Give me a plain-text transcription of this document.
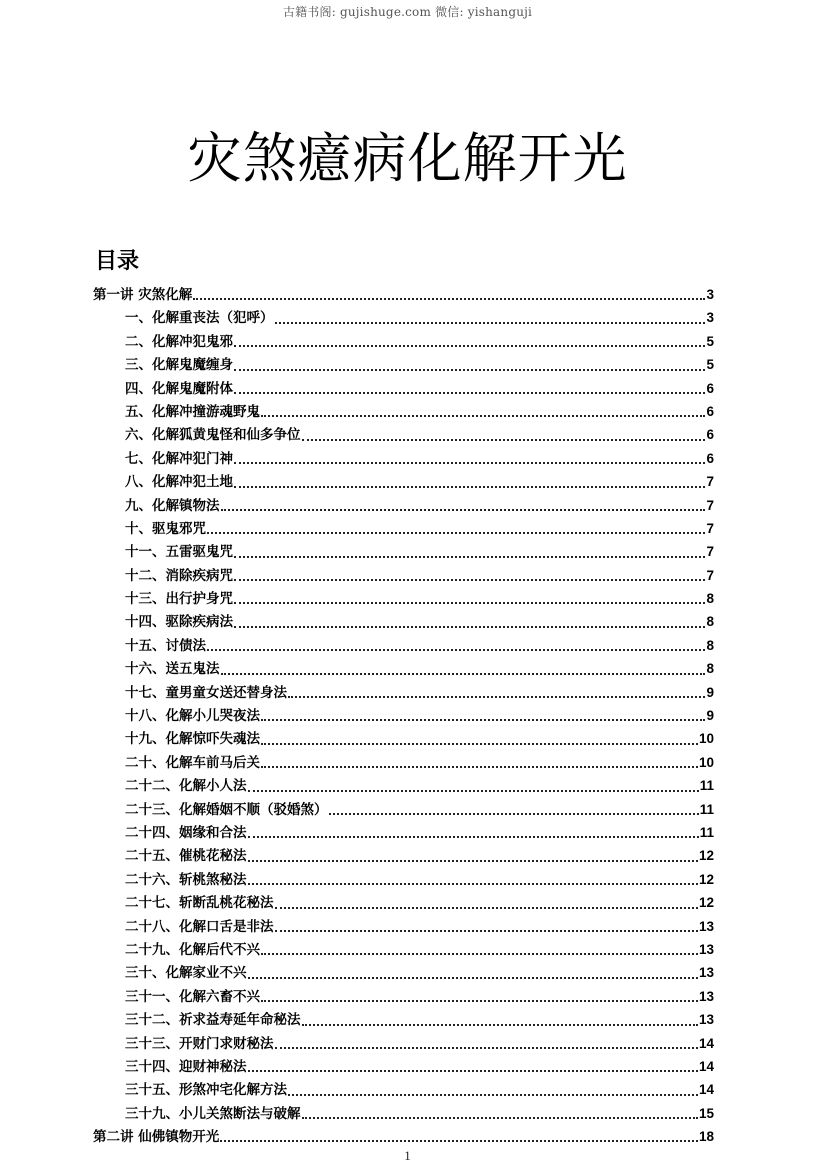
古籍书阁: gujishuge.com 微信: yishanguji
灾煞癔病化解开光
目录
第一讲 灾煞化解	3
一、化解重丧法（犯呼）	3
二、化解冲犯鬼邪	5
三、化解鬼魔缠身	5
四、化解鬼魔附体	6
五、化解冲撞游魂野鬼	6
六、化解狐黄鬼怪和仙多争位	6
七、化解冲犯门神	6
八、化解冲犯土地	7
九、化解镇物法	7
十、驱鬼邪咒	7
十一、五雷驱鬼咒	7
十二、消除疾病咒	7
十三、出行护身咒	8
十四、驱除疾病法	8
十五、讨债法	8
十六、送五鬼法	8
十七、童男童女送还替身法	9
十八、化解小儿哭夜法	9
十九、化解惊吓失魂法	10
二十、化解车前马后关	10
二十二、化解小人法	11
二十三、化解婚姻不顺（驳婚煞）	11
二十四、姻缘和合法	11
二十五、催桃花秘法	12
二十六、斩桃煞秘法	12
二十七、斩断乱桃花秘法	12
二十八、化解口舌是非法	13
二十九、化解后代不兴	13
三十、化解家业不兴	13
三十一、化解六畜不兴	13
三十二、祈求益寿延年命秘法	13
三十三、开财门求财秘法	14
三十四、迎财神秘法	14
三十五、形煞冲宅化解方法	14
三十九、小儿关煞断法与破解	15
第二讲 仙佛镇物开光	18
1
